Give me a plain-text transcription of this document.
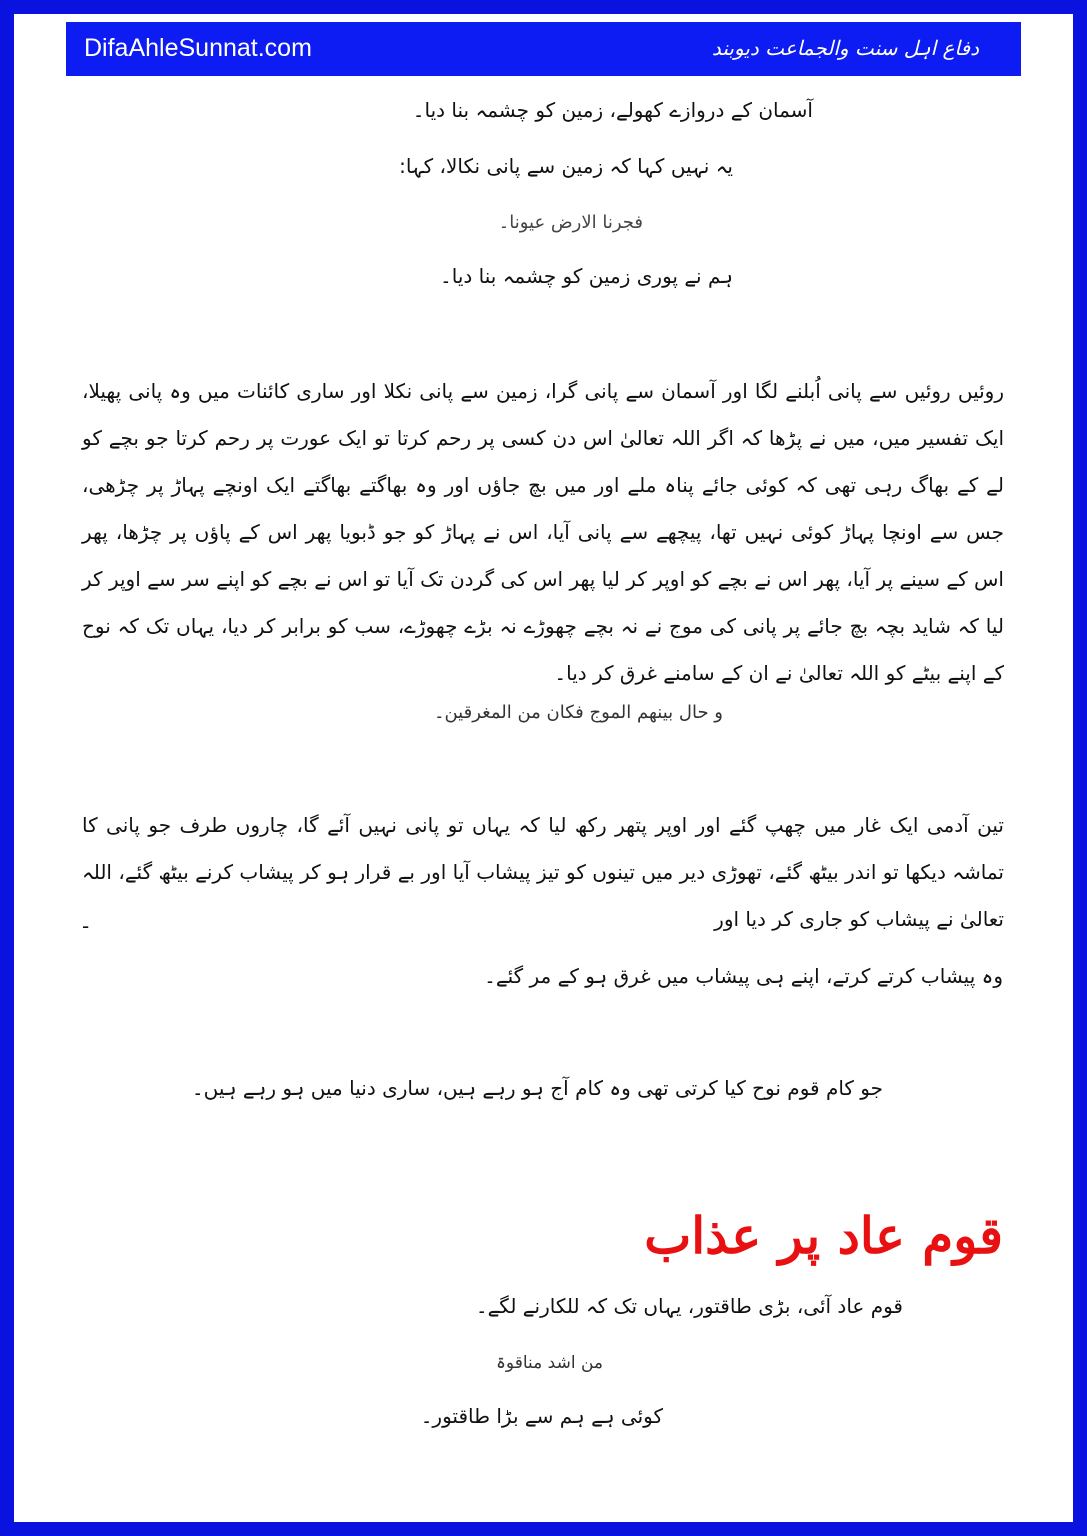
DifaAhleSunnat.com	دفاع اہل سنت والجماعت دیوبند
آسمان کے دروازے کھولے، زمین کو چشمہ بنا دیا۔
یہ نہیں کہا کہ زمین سے پانی نکالا، کہا:
فجرنا الارض عیونا۔
ہم نے پوری زمین کو چشمہ بنا دیا۔
روئیں روئیں سے پانی اُبلنے لگا اور آسمان سے پانی گرا، زمین سے پانی نکلا اور ساری کائنات میں وہ پانی پھیلا، ایک تفسیر میں، میں نے پڑھا کہ اگر اللہ تعالیٰ اس دن کسی پر رحم کرتا تو ایک عورت پر رحم کرتا جو بچے کو لے کے بھاگ رہی تھی کہ کوئی جائے پناہ ملے اور میں بچ جاؤں اور وہ بھاگتے بھاگتے ایک اونچے پہاڑ پر چڑھی، جس سے اونچا پہاڑ کوئی نہیں تھا، پیچھے سے پانی آیا، اس نے پہاڑ کو جو ڈبویا پھر اس کے پاؤں پر چڑھا، پھر اس کے سینے پر آیا، پھر اس نے بچے کو اوپر کر لیا پھر اس کی گردن تک آیا تو اس نے بچے کو اپنے سر سے اوپر کر لیا کہ شاید بچہ بچ جائے پر پانی کی موج نے نہ بچے چھوڑے نہ بڑے چھوڑے، سب کو برابر کر دیا، یہاں تک کہ نوح کے اپنے بیٹے کو اللہ تعالیٰ نے ان کے سامنے غرق کر دیا۔
و حال بینھم الموج فکان من المغرقین۔
تین آدمی ایک غار میں چھپ گئے اور اوپر پتھر رکھ لیا کہ یہاں تو پانی نہیں آئے گا، چاروں طرف جو پانی کا تماشہ دیکھا تو اندر بیٹھ گئے، تھوڑی دیر میں تینوں کو تیز پیشاب آیا اور بے قرار ہو کر پیشاب کرنے بیٹھ گئے، اللہ تعالیٰ نے پیشاب کو جاری کر دیا اور
-
وہ پیشاب کرتے کرتے، اپنے ہی پیشاب میں غرق ہو کے مر گئے۔
جو کام قوم نوح کیا کرتی تھی وہ کام آج ہو رہے ہیں، ساری دنیا میں ہو رہے ہیں۔
قوم عاد پر عذاب
قوم عاد آئی، بڑی طاقتور، یہاں تک کہ للکارنے لگے۔
من اشد مناقوۃ
کوئی ہے ہم سے بڑا طاقتور۔
